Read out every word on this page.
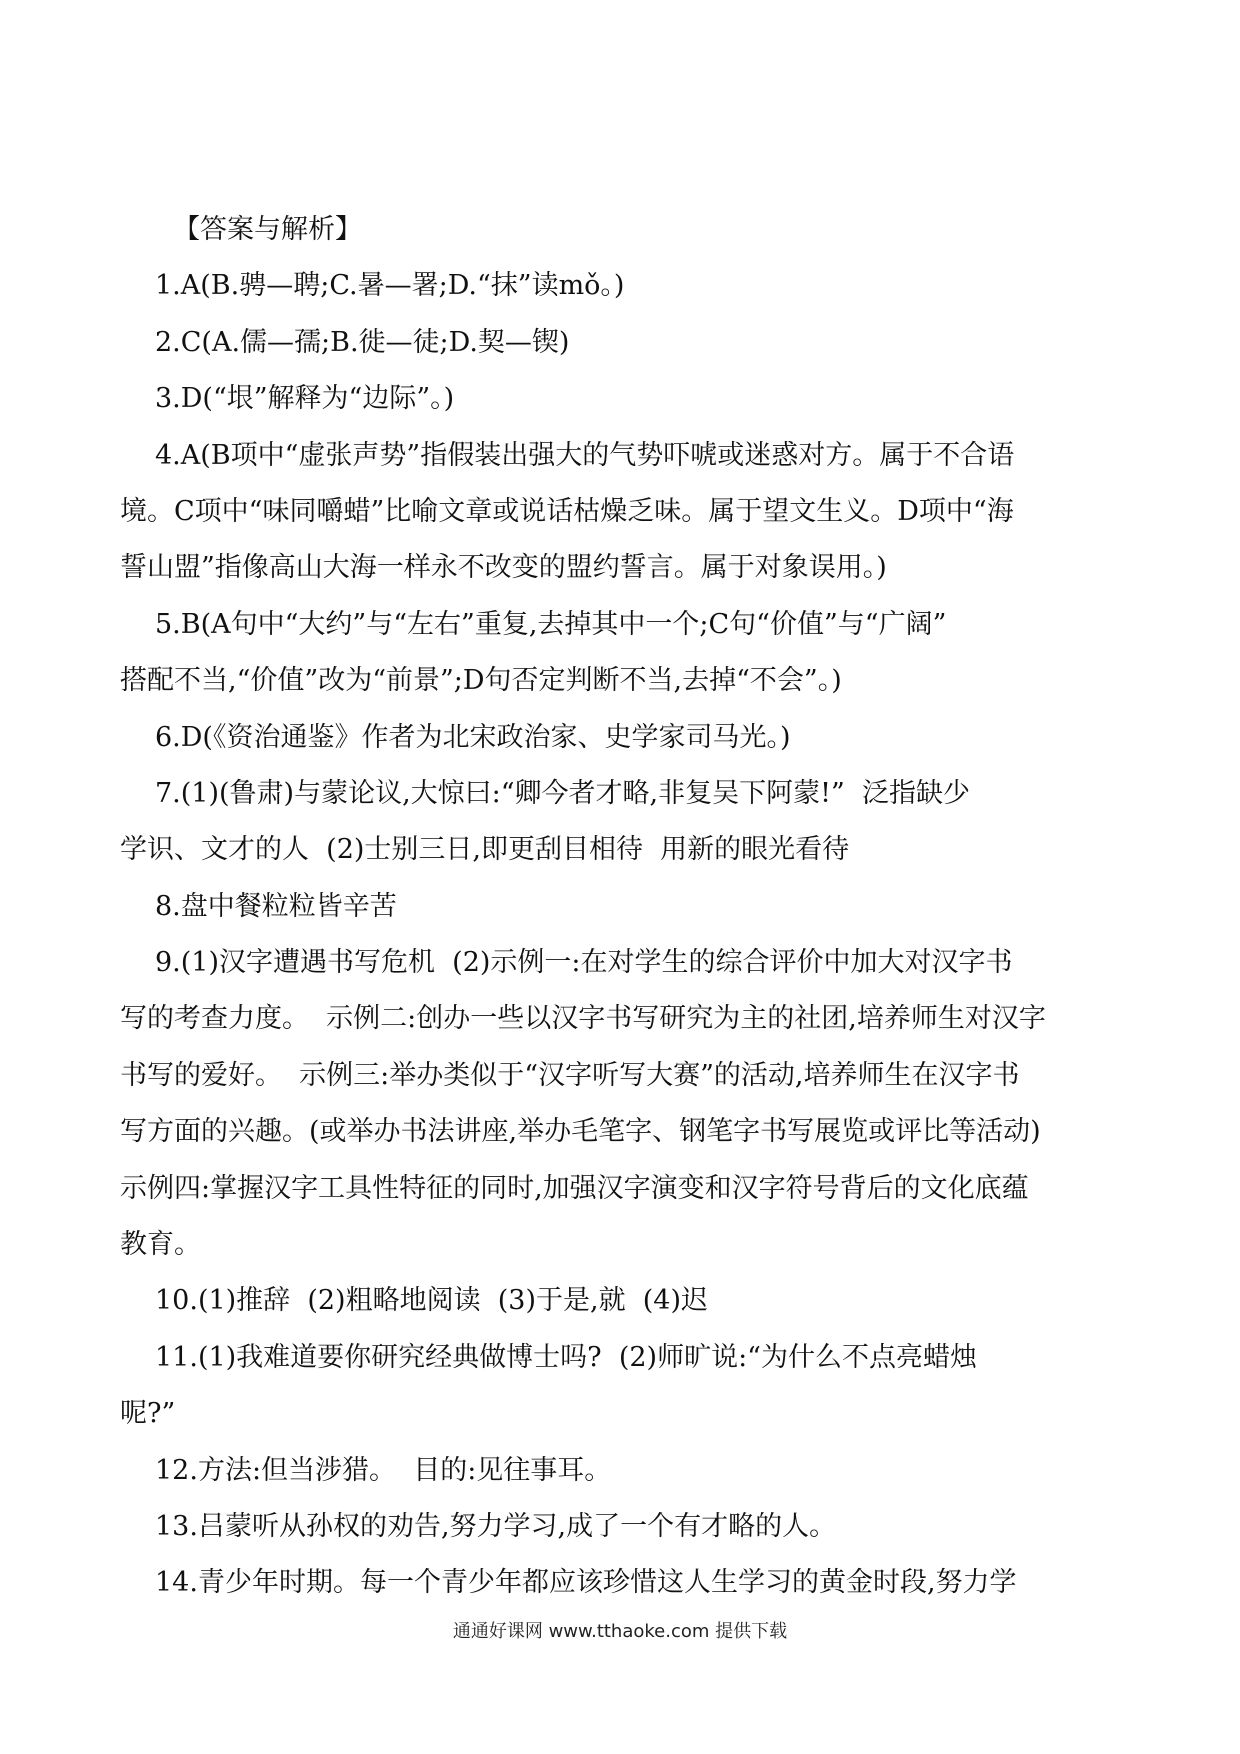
【答案与解析】
1.A(B.骋—聘;C.暑—署;D.“抹”读mǒ。)
2.C(A.儒—孺;B.徙—徒;D.契—锲)
3.D(“垠”解释为“边际”。)
4.A(B项中“虚张声势”指假装出强大的气势吓唬或迷惑对方。属于不合语
境。C项中“味同嚼蜡”比喻文章或说话枯燥乏味。属于望文生义。D项中“海
誓山盟”指像高山大海一样永不改变的盟约誓言。属于对象误用。)
5.B(A句中“大约”与“左右”重复,去掉其中一个;C句“价值”与“广阔”
搭配不当,“价值”改为“前景”;D句否定判断不当,去掉“不会”。)
6.D(《资治通鉴》作者为北宋政治家、史学家司马光。)
7.(1)(鲁肃)与蒙论议,大惊曰:“卿今者才略,非复吴下阿蒙!”  泛指缺少
学识、文才的人  (2)士别三日,即更刮目相待  用新的眼光看待
8.盘中餐粒粒皆辛苦
9.(1)汉字遭遇书写危机  (2)示例一:在对学生的综合评价中加大对汉字书
写的考查力度。  示例二:创办一些以汉字书写研究为主的社团,培养师生对汉字
书写的爱好。  示例三:举办类似于“汉字听写大赛”的活动,培养师生在汉字书
写方面的兴趣。(或举办书法讲座,举办毛笔字、钢笔字书写展览或评比等活动)
示例四:掌握汉字工具性特征的同时,加强汉字演变和汉字符号背后的文化底蕴
教育。
10.(1)推辞  (2)粗略地阅读  (3)于是,就  (4)迟
11.(1)我难道要你研究经典做博士吗?  (2)师旷说:“为什么不点亮蜡烛
呢?”
12.方法:但当涉猎。  目的:见往事耳。
13.吕蒙听从孙权的劝告,努力学习,成了一个有才略的人。
14.青少年时期。每一个青少年都应该珍惜这人生学习的黄金时段,努力学
通通好课网 www.tthaoke.com 提供下载
